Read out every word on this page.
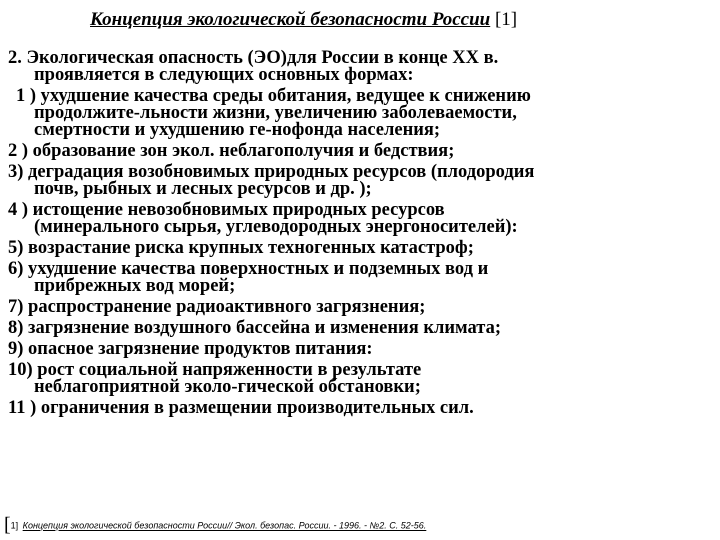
Концепция экологической безопасности России [1]
2. Экологическая опасность (ЭО)для России в конце XX в.
проявляется в следующих основных формах:
1 ) ухудшение качества среды обитания, ведущее к снижению
продолжите-льности жизни, увеличению заболеваемости,
смертности и ухудшению ге-нофонда населения;
2 ) образование зон экол. неблагополучия и бедствия;
3) деградация возобновимых природных ресурсов (плодородия
почв, рыбных и лесных ресурсов и др. );
4 ) истощение невозобновимых природных ресурсов
(минерального сырья, углеводородных энергоносителей):
5) возрастание риска крупных техногенных катастроф;
6) ухудшение качества поверхностных и подземных вод и
прибрежных вод морей;
7) распространение радиоактивного загрязнения;
8) загрязнение воздушного бассейна и изменения климата;
9) опасное загрязнение продуктов питания:
10) рост социальной напряженности в результате
неблагоприятной эколо-гической обстановки;
11 ) ограничения в размещении производительных сил.
[1] Концепция экологической безопасности России// Экол. безопас. России. - 1996. - №2. С. 52-56.
